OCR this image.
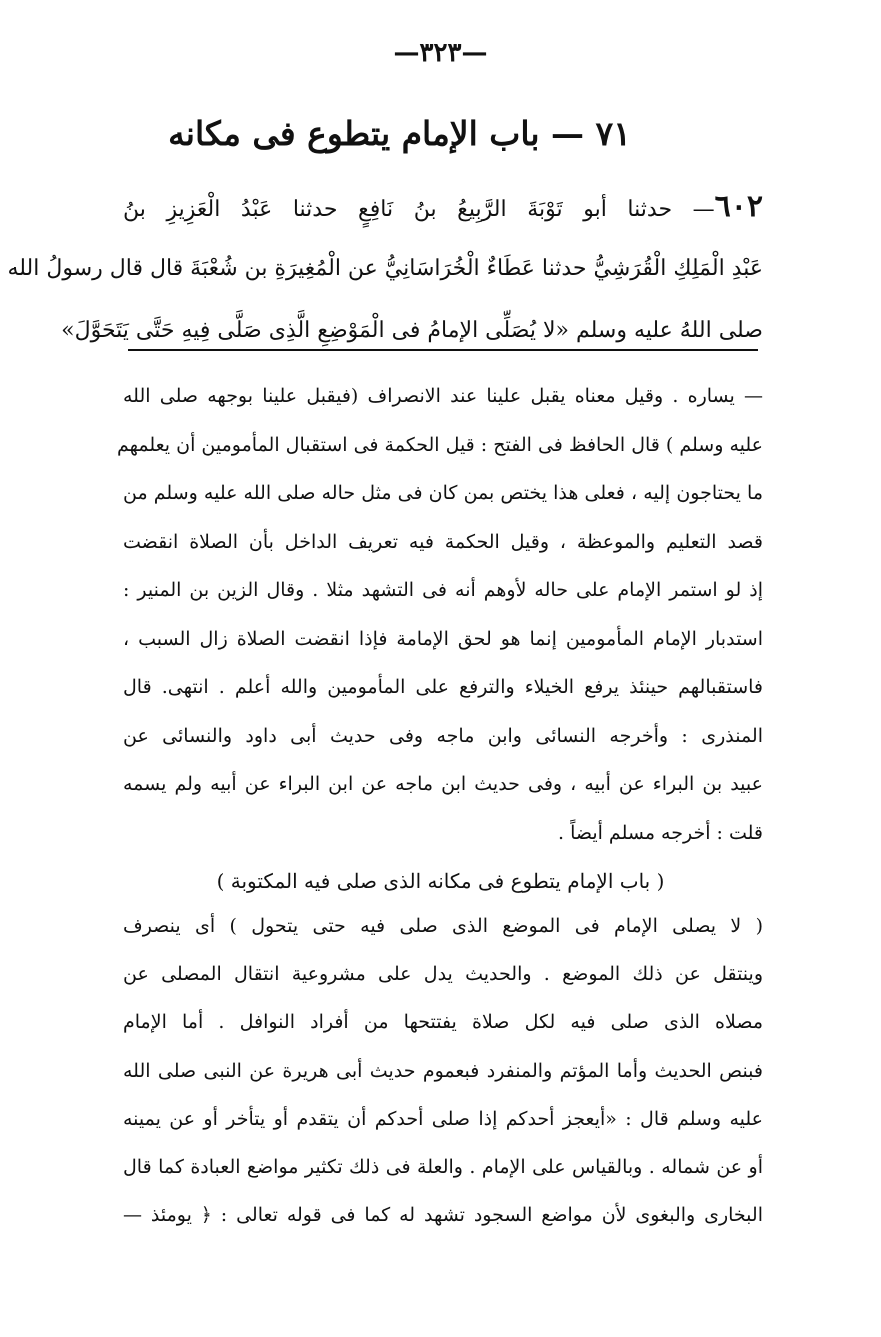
—٣٢٣—
٧١ — باب الإمام يتطوع فى مكانه
٦٠٢— حدثنا أبو تَوْبَةَ الرَّبِيعُ بنُ نَافِعٍ حدثنا عَبْدُ الْعَزِيزِ بنُ
عَبْدِ الْمَلِكِ الْقُرَشِيُّ حدثنا عَطَاءٌ الْخُرَاسَانِيُّ عن الْمُغِيرَةِ بن شُعْبَةَ قال قال رسولُ الله
صلى اللهُ عليه وسلم «لا يُصَلِّى الإمامُ فى الْمَوْضِعِ الَّذِى صَلَّى فِيهِ حَتَّى يَتَحَوَّلَ»
— يساره . وقيل معناه يقبل علينا عند الانصراف (فيقبل علينا بوجهه صلى الله
عليه وسلم ) قال الحافظ فى الفتح : قيل الحكمة فى استقبال المأمومين أن يعلمهم
ما يحتاجون إليه ، فعلى هذا يختص بمن كان فى مثل حاله صلى الله عليه وسلم من
قصد التعليم والموعظة ، وقيل الحكمة فيه تعريف الداخل بأن الصلاة انقضت
إذ لو استمر الإمام على حاله لأوهم أنه فى التشهد مثلا . وقال الزين بن المنير :
استدبار الإمام المأمومين إنما هو لحق الإمامة فإذا انقضت الصلاة زال السبب ،
فاستقبالهم حينئذ يرفع الخيلاء والترفع على المأمومين والله أعلم . انتهى. قال
المنذرى : وأخرجه النسائى وابن ماجه وفى حديث أبى داود والنسائى عن
عبيد بن البراء عن أبيه ، وفى حديث ابن ماجه عن ابن البراء عن أبيه ولم يسمه
قلت : أخرجه مسلم أيضاً .
( باب الإمام يتطوع فى مكانه الذى صلى فيه المكتوبة )
( لا يصلى الإمام فى الموضع الذى صلى فيه حتى يتحول ) أى ينصرف
وينتقل عن ذلك الموضع . والحديث يدل على مشروعية انتقال المصلى عن
مصلاه الذى صلى فيه لكل صلاة يفتتحها من أفراد النوافل . أما الإمام
فبنص الحديث وأما المؤتم والمنفرد فبعموم حديث أبى هريرة عن النبى صلى الله
عليه وسلم قال : «أيعجز أحدكم إذا صلى أحدكم أن يتقدم أو يتأخر أو عن يمينه
أو عن شماله . وبالقياس على الإمام . والعلة فى ذلك تكثير مواضع العبادة كما قال
البخارى والبغوى لأن مواضع السجود تشهد له كما فى قوله تعالى : ﴿ يومئذ —
